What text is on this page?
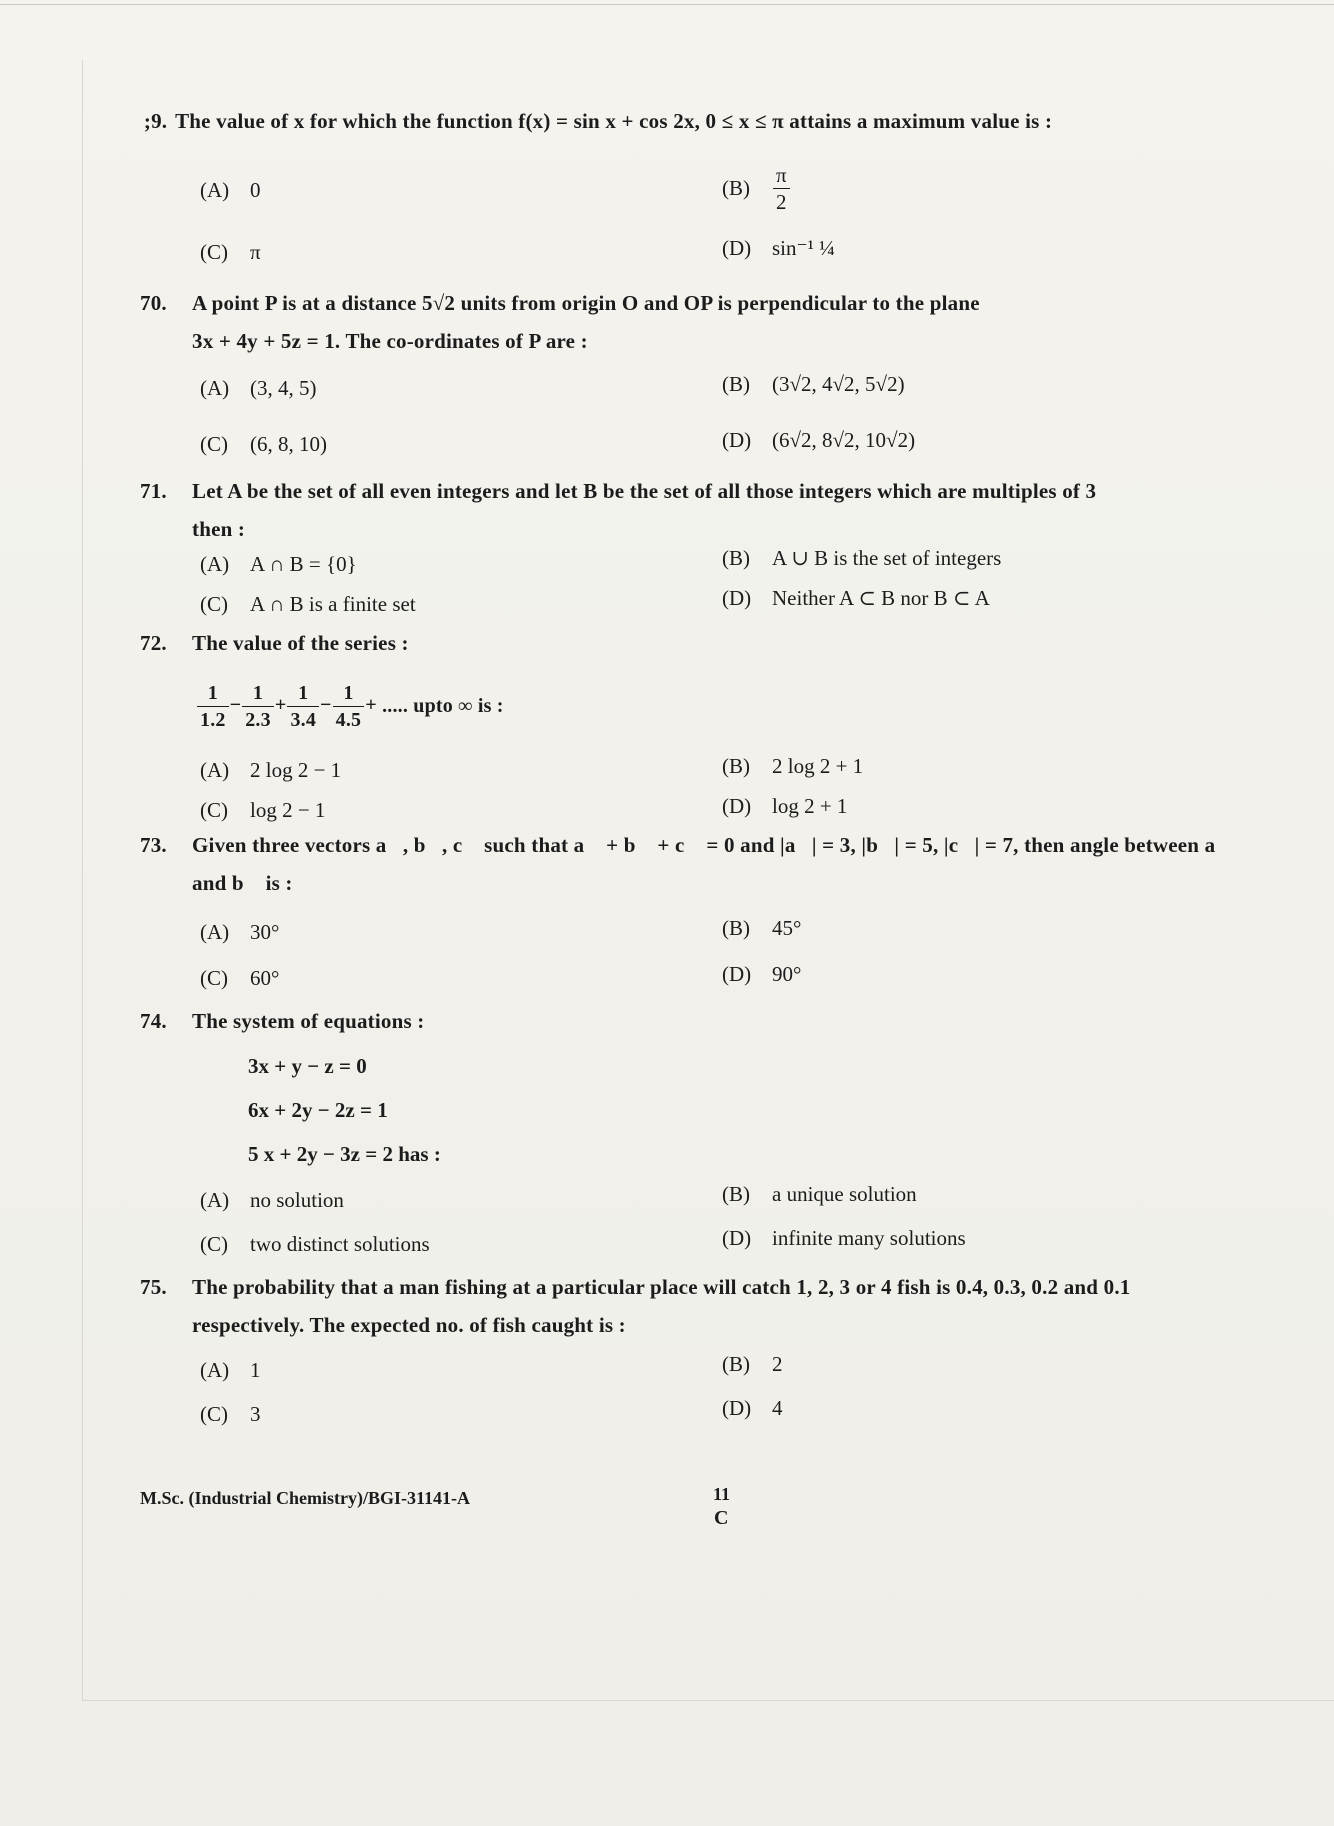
  ;9. The value of x for which the function f(x) = sin x + cos 2x, 0 ≤ x ≤ π attains a maximum value is :
(A) 0	$(B) \frac{\pi}{2}$
(C) π	(D) sin⁻¹ ¼
70. A point P is at a distance 5√2 units from origin O and OP is perpendicular to the plane
3x + 4y + 5z = 1. The co-ordinates of P are :
(A) (3, 4, 5)	(B) (3√2, 4√2, 5√2)
(C) (6, 8, 10)	(D) (6√2, 8√2, 10√2)
71. Let A be the set of all even integers and let B be the set of all those integers which are multiples of 3
then :
(A) A ∩ B = {0}	(B) A ∪ B is the set of integers
(C) A ∩ B is a finite set	(D) Neither A ⊂ B nor B ⊂ A
72. The value of the series :
$\frac{1}{1.2} - \frac{1}{2.3} + \frac{1}{3.4} - \frac{1}{4.5}$ + ..... upto ∞ is :
(A) 2 log 2 − 1	(B) 2 log 2 + 1
(C) log 2 − 1	(D) log 2 + 1
73. Given three vectors a⃗, b⃗, c⃗ such that a⃗ + b⃗ + c⃗ = 0 and |a⃗| = 3, |b⃗| = 5, |c⃗| = 7, then angle between a⃗
and b⃗ is :
(A) 30°	(B) 45°
(C) 60°	(D) 90°
74. The system of equations :
3x + y − z = 0
6x + 2y − 2z = 1
5 x + 2y − 3z = 2 has :
(A) no solution	(B) a unique solution
(C) two distinct solutions	(D) infinite many solutions
75. The probability that a man fishing at a particular place will catch 1, 2, 3 or 4 fish is 0.4, 0.3, 0.2 and 0.1
respectively. The expected no. of fish caught is :
(A) 1	(B) 2
(C) 3	(D) 4
M.Sc. (Industrial Chemistry)/BGI-31141-A	11
C
